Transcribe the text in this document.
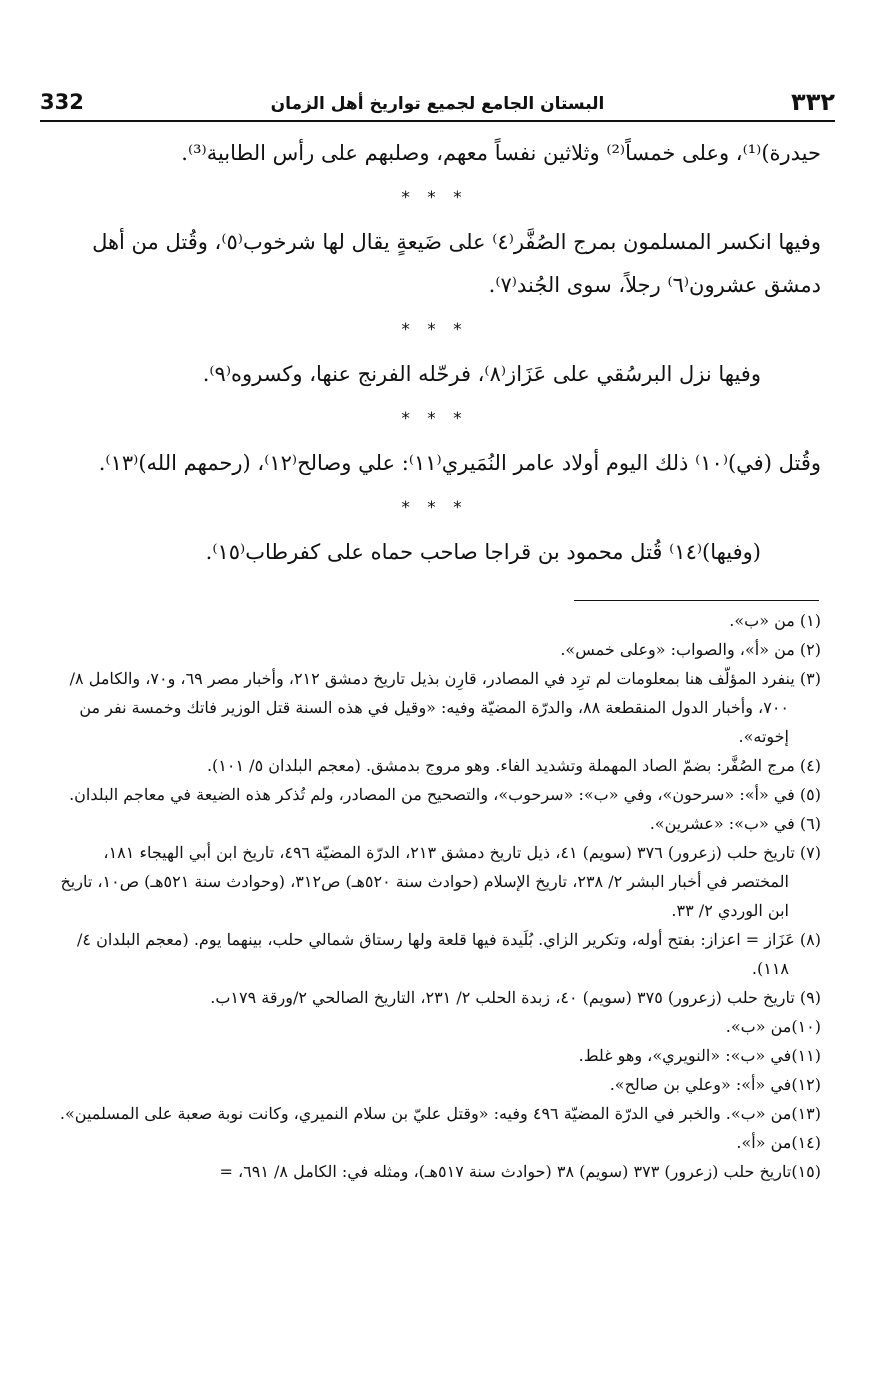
332	البستان الجامع لجميع تواريخ أهل الزمان	٣٣٢

حيدرة)⁽¹⁾، وعلى خمساً⁽²⁾ وثلاثين نفساً معهم، وصلبهم على رأس الطابية⁽³⁾.

* * *

وفيها انكسر المسلمون بمرج الصُفَّر⁽٤⁾ على ضَيعةٍ يقال لها شرخوب⁽٥⁾، وقُتل من أهل دمشق عشرون⁽٦⁾ رجلاً، سوى الجُند⁽٧⁾.

* * *

وفيها نزل البرسُقي على عَزَاز⁽٨⁾، فرحّله الفرنج عنها، وكسروه⁽٩⁾.

* * *

وقُتل (في)⁽١٠⁾ ذلك اليوم أولاد عامر النُمَيري⁽١١⁾: علي وصالح⁽١٢⁾، (رحمهم الله)⁽١٣⁾.

* * *

(وفيها)⁽١٤⁾ قُتل محمود بن قراجا صاحب حماه على كفرطاب⁽١٥⁾.

(١) من «ب».

(٢) من «أ»، والصواب: «وعلى خمس».

(٣) ينفرد المؤلّف هنا بمعلومات لم ترِد في المصادر، قارِن بذيل تاريخ دمشق ٢١٢، وأخبار مصر ٦٩، و٧٠، والكامل ٨/ ٧٠٠، وأخبار الدول المنقطعة ٨٨، والدرّة المضيّة وفيه: «وقيل في هذه السنة قتل الوزير فاتك وخمسة نفر من إخوته».

(٤) مرج الصُفَّر: بضمّ الصاد المهملة وتشديد الفاء. وهو مروج بدمشق. (معجم البلدان ٥/ ١٠١).

(٥) في «أ»: «سرحون»، وفي «ب»: «سرحوب»، والتصحيح من المصادر، ولم تُذكر هذه الضيعة في معاجم البلدان.

(٦) في «ب»: «عشرين».

(٧) تاريخ حلب (زعرور) ٣٧٦ (سويم) ٤١، ذيل تاريخ دمشق ٢١٣، الدرّة المضيّة ٤٩٦، تاريخ ابن أبي الهيجاء ١٨١، المختصر في أخبار البشر ٢/ ٢٣٨، تاريخ الإسلام (حوادث سنة ٥٢٠هـ) ص٣١٢، (وحوادث سنة ٥٢١هـ) ص١٠، تاريخ ابن الوردي ٢/ ٣٣.

(٨) عَزَاز = اعزاز: بفتح أوله، وتكرير الزاي. بُلَيدة فيها قلعة ولها رستاق شمالي حلب، بينهما يوم. (معجم البلدان ٤/ ١١٨).

(٩) تاريخ حلب (زعرور) ٣٧٥ (سويم) ٤٠، زبدة الحلب ٢/ ٢٣١، التاريخ الصالحي ٢/ورقة ١٧٩ب.

(١٠)من «ب».

(١١)في «ب»: «النويري»، وهو غلط.

(١٢)في «أ»: «وعلي بن صالح».

(١٣)من «ب». والخبر في الدرّة المضيّة ٤٩٦ وفيه: «وقتل عليّ بن سلام النميري، وكانت نوبة صعبة على المسلمين».

(١٤)من «أ».

(١٥)تاريخ حلب (زعرور) ٣٧٣ (سويم) ٣٨ (حوادث سنة ٥١٧هـ)، ومثله في: الكامل ٨/ ٦٩١، =
